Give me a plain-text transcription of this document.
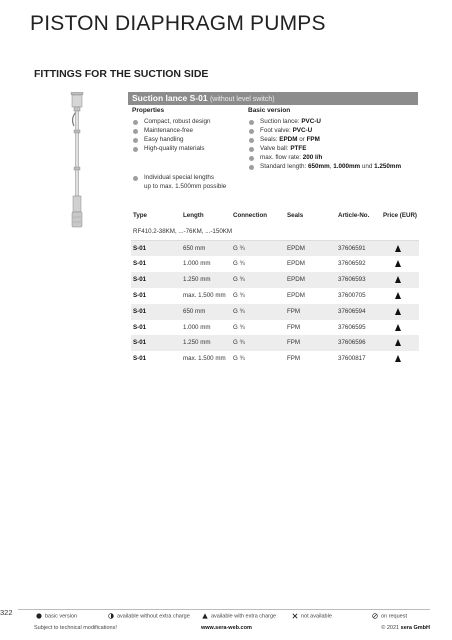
PISTON DIAPHRAGM PUMPS
FITTINGS FOR THE SUCTION SIDE
Suction lance S-01 (without level switch)
Properties	Basic version
Compact, robust design
Maintenance-free
Easy handling
High-quality materials
Suction lance: PVC-U
Foot valve: PVC-U
Seals: EPDM or FPM
Valve ball: PTFE
max. flow rate: 200 l/h
Standard length: 650mm, 1.000mm und 1.250mm
Individual special lengths
up to max. 1.500mm possible
Type	Length	Connection	Seals	Article-No. Price (EUR)
RF410.2-38KM, ...-76KM, ...-150KM
S-01	650 mm	G ¾	EPDM	37606591
S-01	1.000 mm	G ¾	EPDM	37606592
S-01	1.250 mm	G ¾	EPDM	37606593
S-01	max. 1.500 mm G ¾	EPDM	37600705
S-01	650 mm	G ¾	FPM	37606594
S-01	1.000 mm	G ¾	FPM	37606595
S-01	1.250 mm	G ¾	FPM	37606596
S-01	max. 1.500 mm G ¾	FPM	37600817
322	basic version	available without extra charge	available with extra charge	not available	on request
Subject to technical modifications!	www.sera-web.com	© 2021 sera GmbH
